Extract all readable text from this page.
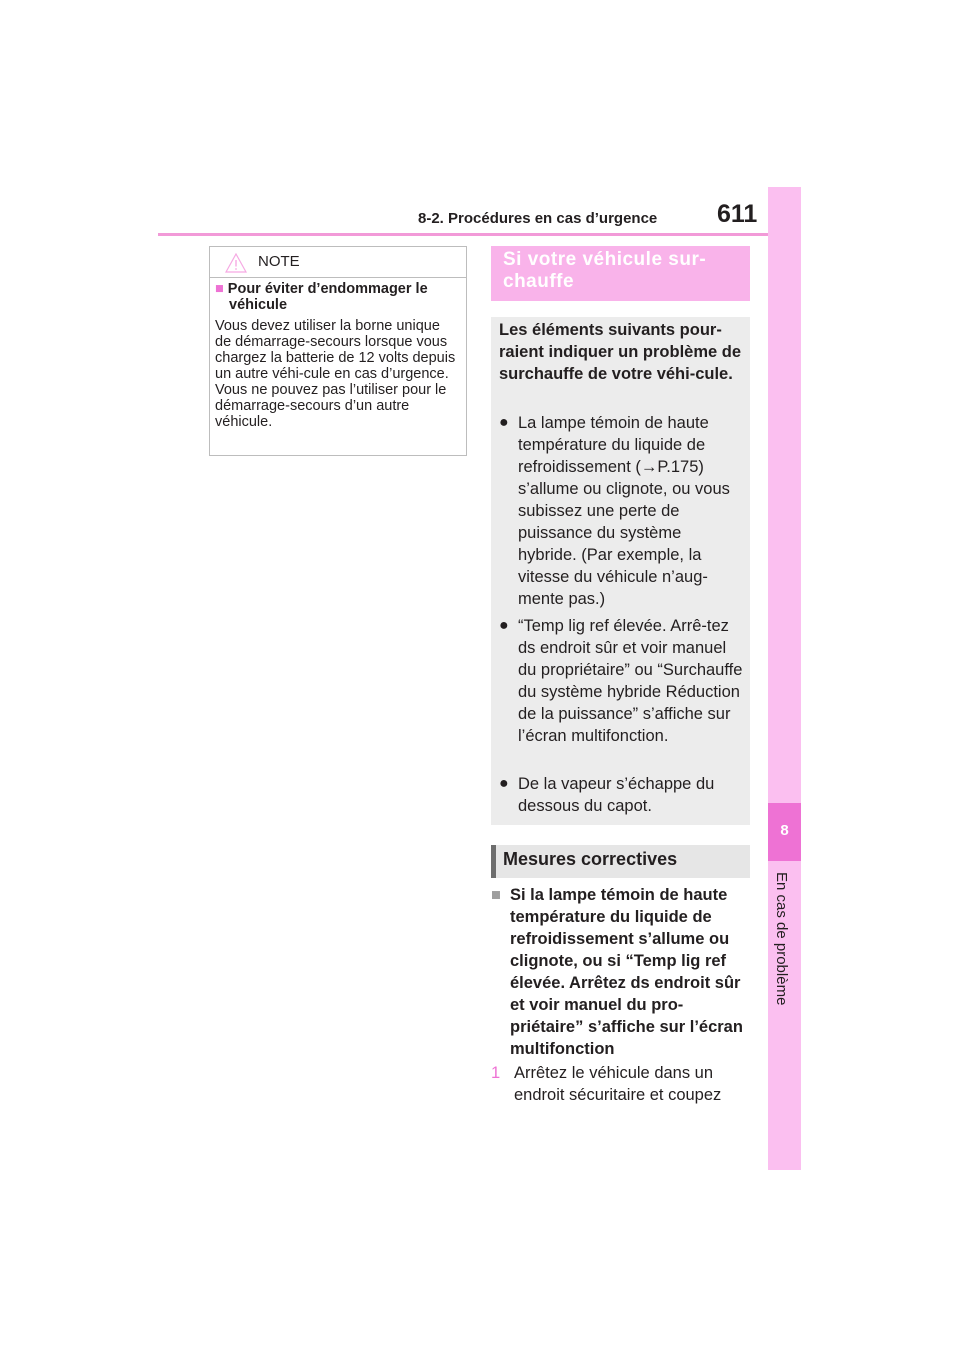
8-2. Procédures en cas d’urgence 611
8
En cas de problème
NOTE
■ Pour éviter d’endommager le véhicule
Vous devez utiliser la borne unique de démarrage-secours lorsque vous chargez la batterie de 12 volts depuis un autre véhi-cule en cas d’urgence. Vous ne pouvez pas l’utiliser pour le démarrage-secours d’un autre véhicule.
Si votre véhicule sur-chauffe
Les éléments suivants pour-raient indiquer un problème de surchauffe de votre véhi-cule.
● La lampe témoin de haute température du liquide de refroidissement (→P.175) s’allume ou clignote, ou vous subissez une perte de puissance du système hybride. (Par exemple, la vitesse du véhicule n’aug-mente pas.)
● “Temp lig ref élevée. Arrê-tez ds endroit sûr et voir manuel du propriétaire” ou “Surchauffe du système hybride Réduction de la puissance” s’affiche sur l’écran multifonction.
● De la vapeur s’échappe du dessous du capot.
Mesures correctives
■ Si la lampe témoin de haute température du liquide de refroidissement s’allume ou clignote, ou si “Temp lig ref élevée. Arrêtez ds endroit sûr et voir manuel du pro-priétaire” s’affiche sur l’écran multifonction
1 Arrêtez le véhicule dans un endroit sécuritaire et coupez
